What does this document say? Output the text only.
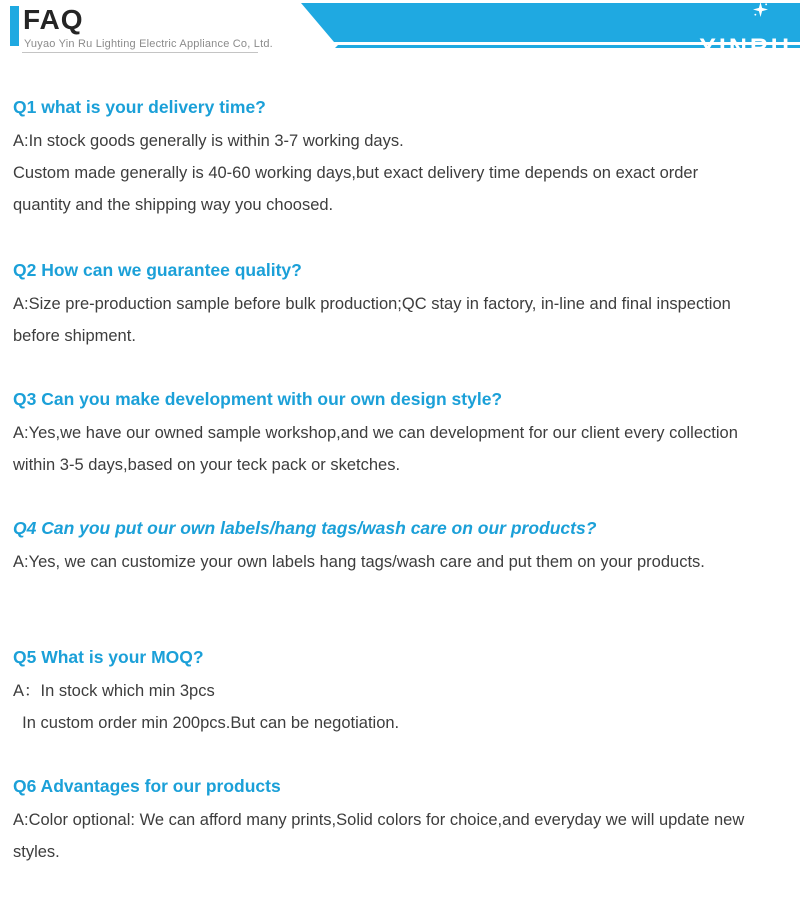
FAQ
Yuyao Yin Ru Lighting Electric Appliance Co, Ltd.	YINRU

Q1 what is your delivery time?

A:In stock goods generally is within 3-7 working days.

Custom made generally is 40-60 working days,but exact delivery time depends on exact order

quantity and the shipping way you choosed.

Q2 How can we guarantee quality?

A:Size pre-production sample before bulk production;QC stay in factory, in-line and final inspection

before shipment.

Q3 Can you make development with our own design style?

A:Yes,we have our owned sample workshop,and we can development for our client every collection

within 3-5 days,based on your teck pack or sketches.

Q4 Can you put our own labels/hang tags/wash care on our products?

A:Yes, we can customize your own labels hang tags/wash care and put them on your products.

Q5 What is your MOQ?

A：In stock which min 3pcs

In custom order min 200pcs.But can be negotiation.

Q6 Advantages for our products

A:Color optional: We can afford many prints,Solid colors for choice,and everyday we will update new

styles.
